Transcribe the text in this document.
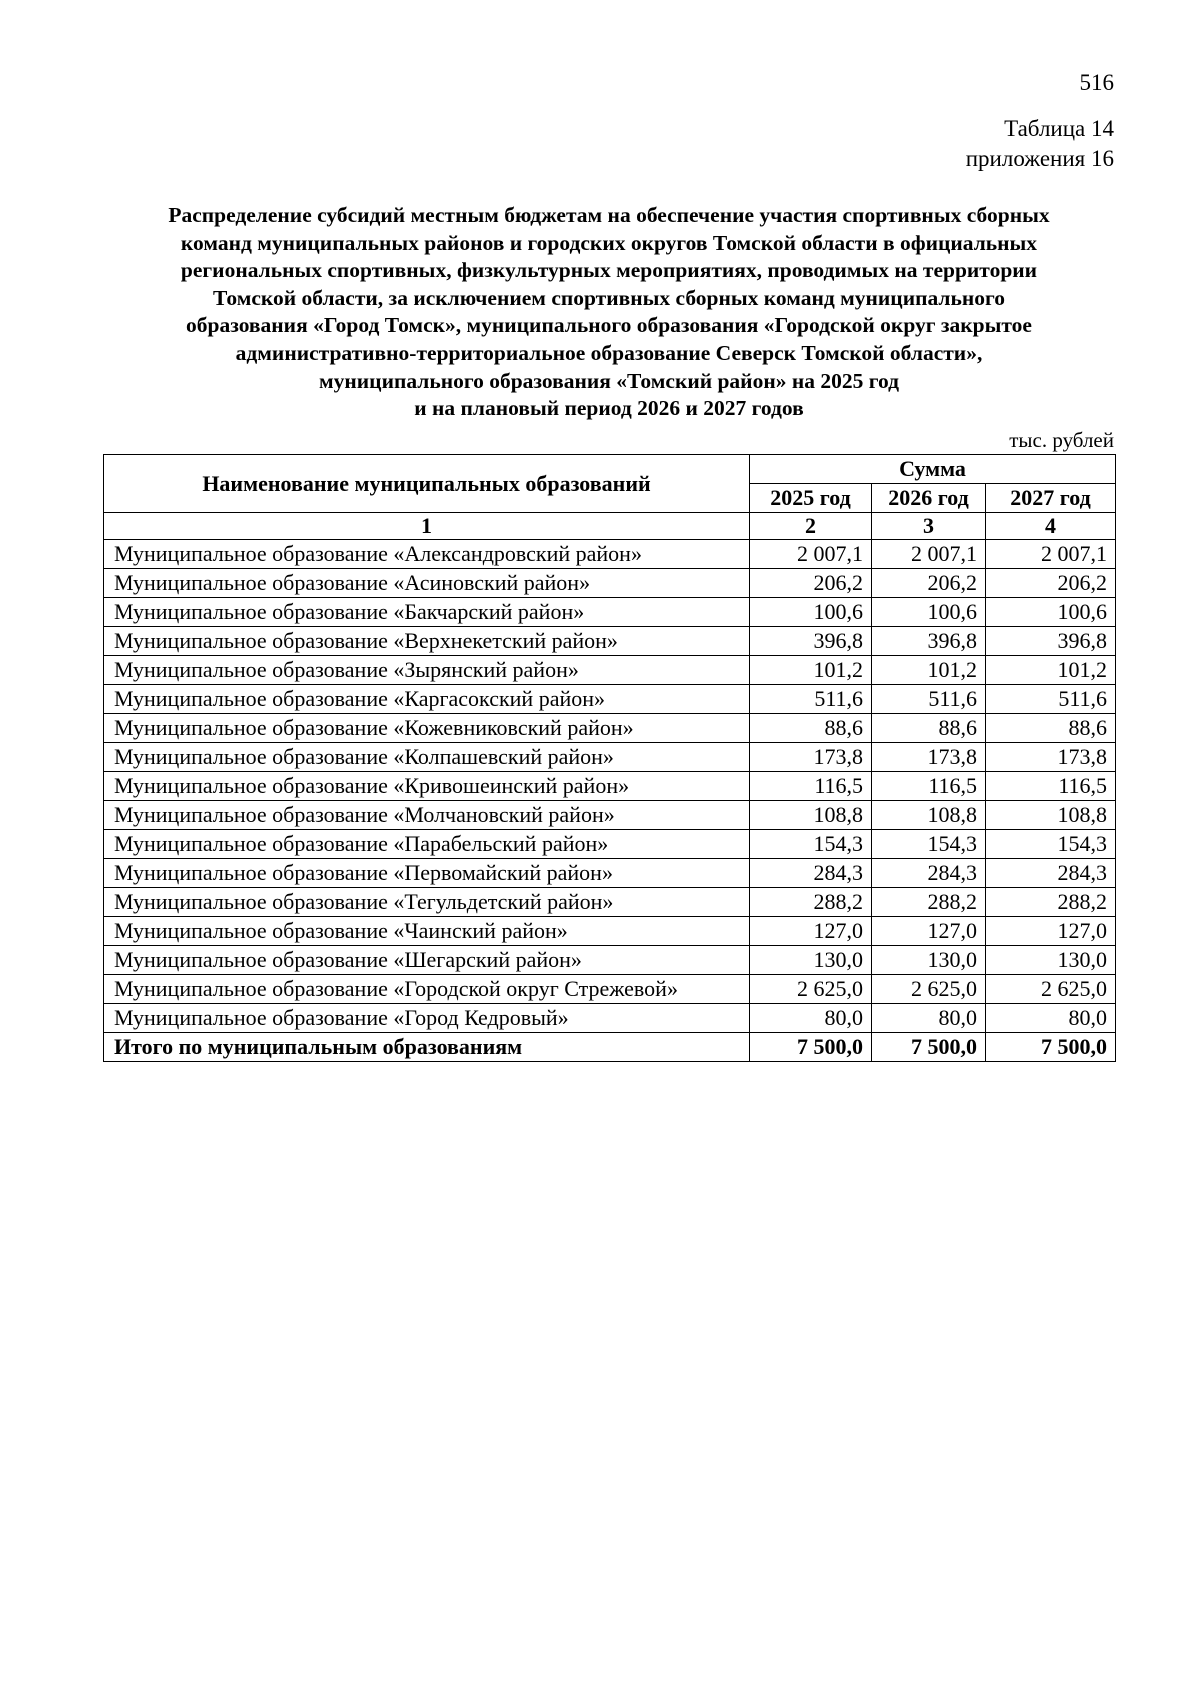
516
Таблица 14
приложения 16
Распределение субсидий местным бюджетам на обеспечение участия спортивных сборных
команд муниципальных районов и городских округов Томской области в официальных
региональных спортивных, физкультурных мероприятиях, проводимых на территории
Томской области, за исключением спортивных сборных команд муниципального
образования «Город Томск», муниципального образования «Городской округ закрытое
административно-территориальное образование Северск Томской области»,
муниципального образования «Томский район» на 2025 год
и на плановый период 2026 и 2027 годов
тыс. рублей
Наименование муниципальных образований	Сумма		
	2025 год	2026 год	2027 год
1	2	3	4
Муниципальное образование «Александровский район»	2 007,1	2 007,1	2 007,1
Муниципальное образование «Асиновский район»	206,2	206,2	206,2
Муниципальное образование «Бакчарский район»	100,6	100,6	100,6
Муниципальное образование «Верхнекетский район»	396,8	396,8	396,8
Муниципальное образование «Зырянский район»	101,2	101,2	101,2
Муниципальное образование «Каргасокский район»	511,6	511,6	511,6
Муниципальное образование «Кожевниковский район»	88,6	88,6	88,6
Муниципальное образование «Колпашевский район»	173,8	173,8	173,8
Муниципальное образование «Кривошеинский район»	116,5	116,5	116,5
Муниципальное образование «Молчановский район»	108,8	108,8	108,8
Муниципальное образование «Парабельский район»	154,3	154,3	154,3
Муниципальное образование «Первомайский район»	284,3	284,3	284,3
Муниципальное образование «Тегульдетский район»	288,2	288,2	288,2
Муниципальное образование «Чаинский район»	127,0	127,0	127,0
Муниципальное образование «Шегарский район»	130,0	130,0	130,0
Муниципальное образование «Городской округ Стрежевой»	2 625,0	2 625,0	2 625,0
Муниципальное образование «Город Кедровый»	80,0	80,0	80,0
Итого по муниципальным образованиям	7 500,0	7 500,0	7 500,0
